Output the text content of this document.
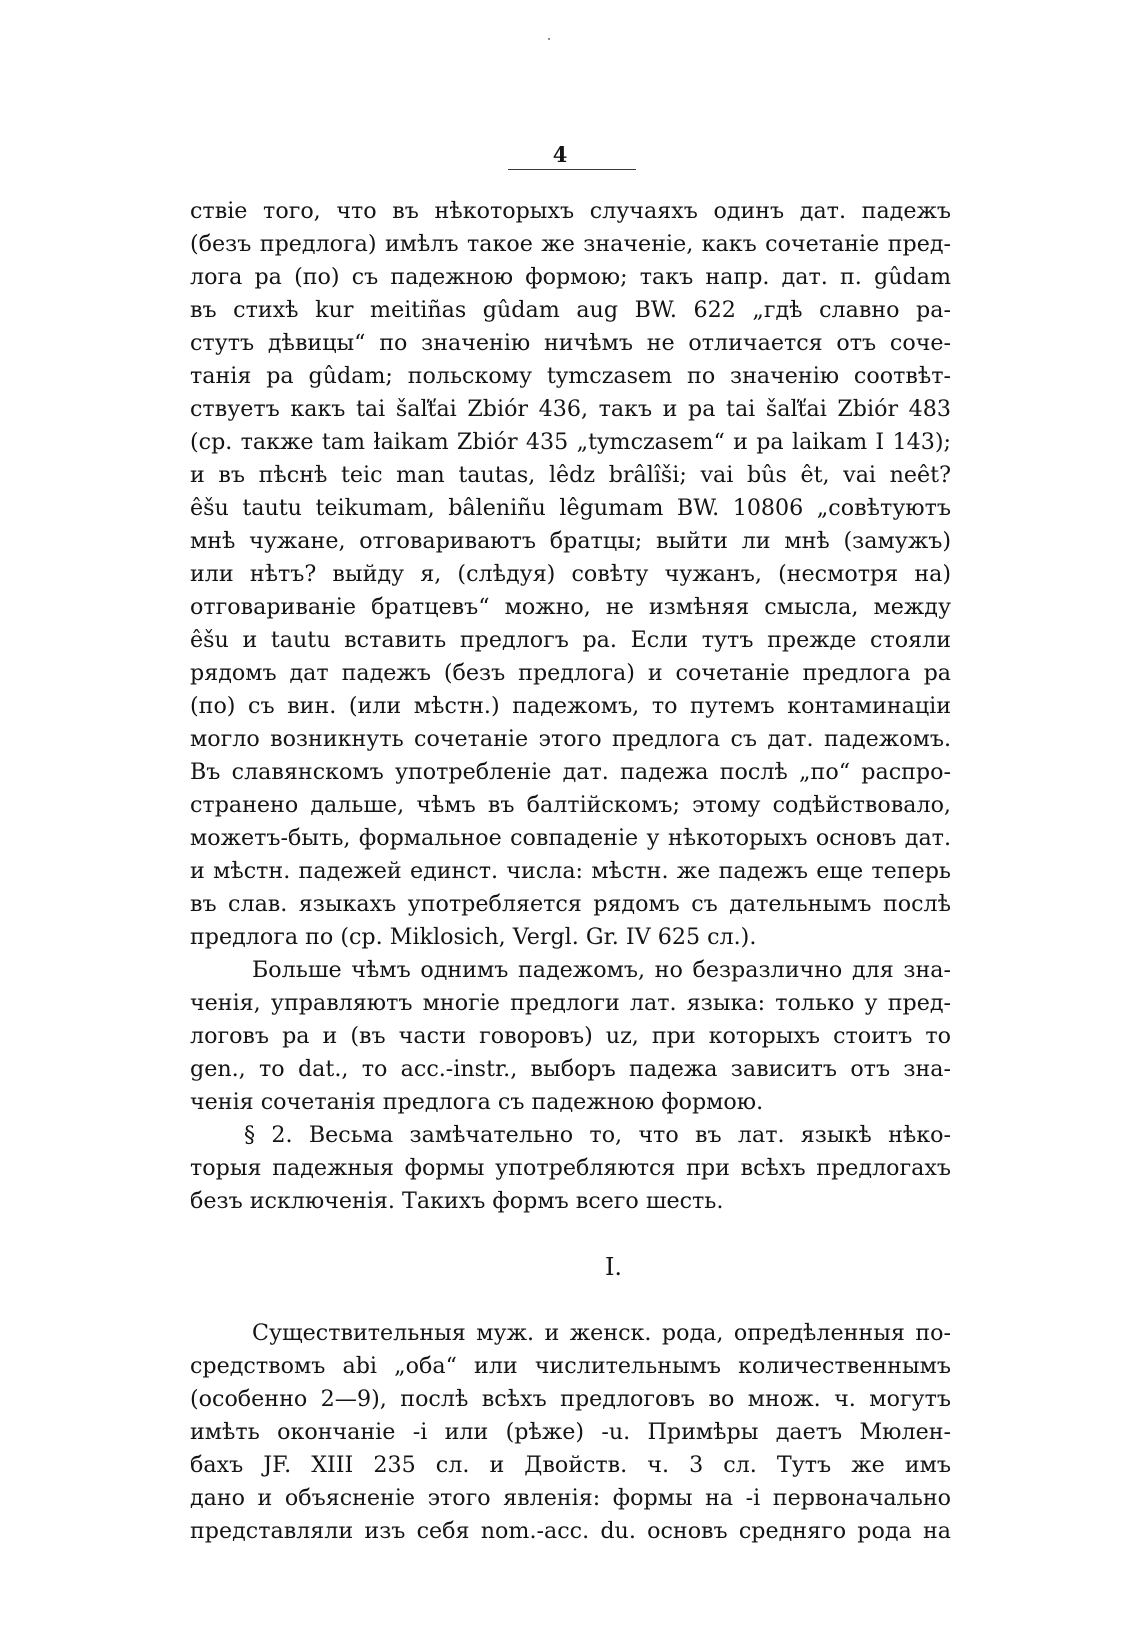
4
ствіе того, что въ нѣкоторыхъ случаяхъ одинъ дат. падежъ
(безъ предлога) имѣлъ такое же значеніе, какъ сочетаніе пред-
лога pa (по) съ падежною формою; такъ напр. дат. п. gûdam
въ стихѣ kur meitiñas gûdam aug BW. 622 „гдѣ славно ра-
стутъ дѣвицы“ по значенію ничѣмъ не отличается отъ соче-
танія pa gûdam; польскому tymczasem по значенію соотвѣт-
ствуетъ какъ tai šaľťai Zbiór 436, такъ и pa tai šaľťai Zbiór 483
(ср. также tam łaikam Zbiór 435 „tymczasem“ и pa laikam I 143);
и въ пѣснѣ teic man tautas, lêdz brâlîši; vai bûs êt, vai neêt?
êšu tautu teikumam, bâleniñu lêgumam BW. 10806 „совѣтуютъ
мнѣ чужане, отговариваютъ братцы; выйти ли мнѣ (замужъ)
или нѣтъ? выйду я, (слѣдуя) совѣту чужанъ, (несмотря на)
отговариваніе братцевъ“ можно, не измѣняя смысла, между
êšu и tautu вставить предлогъ pa. Если тутъ прежде стояли
рядомъ дат падежъ (безъ предлога) и сочетаніе предлога pa
(по) съ вин. (или мѣстн.) падежомъ, то путемъ контаминаціи
могло возникнуть сочетаніе этого предлога съ дат. падежомъ.
Въ славянскомъ употребленіе дат. падежа послѣ „по“ распро-
странено дальше, чѣмъ въ балтійскомъ; этому содѣйствовало,
можетъ-быть, формальное совпаденіе у нѣкоторыхъ основъ дат.
и мѣстн. падежей единст. числа: мѣстн. же падежъ еще теперь
въ слав. языкахъ употребляется рядомъ съ дательнымъ послѣ
предлога по (ср. Miklosich, Vergl. Gr. IV 625 сл.).
Больше чѣмъ однимъ падежомъ, но безразлично для зна-
ченія, управляютъ многіе предлоги лат. языка: только у пред-
логовъ pa и (въ части говоровъ) uz, при которыхъ стоитъ то
gen., то dat., то acc.-instr., выборъ падежа зависитъ отъ зна-
ченія сочетанія предлога съ падежною формою.
§ 2. Весьма замѣчательно то, что въ лат. языкѣ нѣко-
торыя падежныя формы употребляются при всѣхъ предлогахъ
безъ исключенія. Такихъ формъ всего шесть.
I.
Существительныя муж. и женск. рода, опредѣленныя по-
средствомъ abi „оба“ или числительнымъ количественнымъ
(особенно 2—9), послѣ всѣхъ предлоговъ во множ. ч. могутъ
имѣть окончаніе -i или (рѣже) -u. Примѣры даетъ Мюлен-
бахъ JF. XIII 235 сл. и Двойств. ч. 3 сл. Тутъ же имъ
дано и объясненіе этого явленія: формы на -i первоначально
представляли изъ себя nom.-acc. du. основъ средняго рода на
